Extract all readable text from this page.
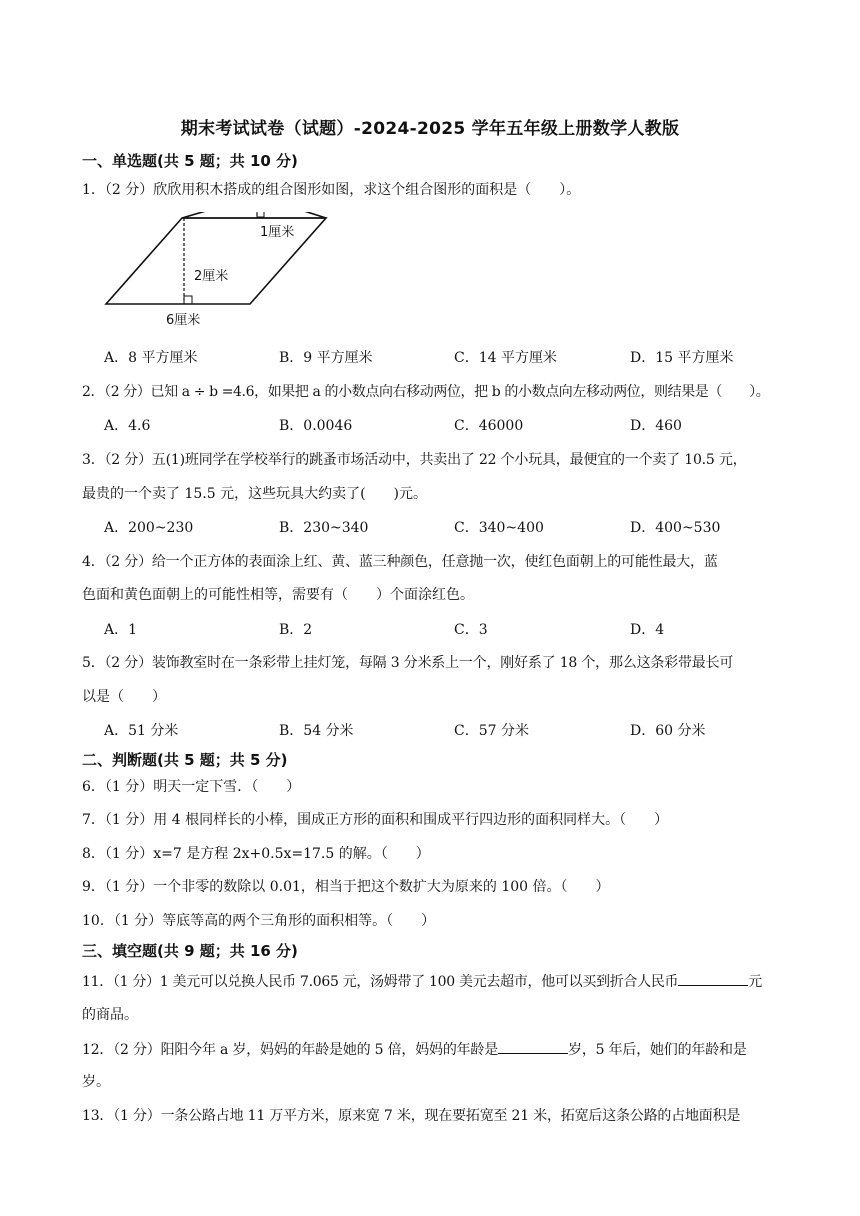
期末考试试卷（试题）-2024-2025 学年五年级上册数学人教版
一、单选题(共 5 题；共 10 分)
1．（2 分）欣欣用积木搭成的组合图形如图，求这个组合图形的面积是（　　）。
1厘米
2厘米
6厘米
A．8 平方厘米	B．9 平方厘米	C．14 平方厘米	D．15 平方厘米
2．（2 分）已知 a ÷ b =4.6，如果把 a 的小数点向右移动两位，把 b 的小数点向左移动两位，则结果是（　　）。
A．4.6	B．0.0046	C．46000	D．460
3．（2 分）五(1)班同学在学校举行的跳蚤市场活动中，共卖出了 22 个小玩具，最便宜的一个卖了 10.5 元，
最贵的一个卖了 15.5 元，这些玩具大约卖了(　　)元。
A．200~230	B．230~340	C．340~400	D．400~530
4．（2 分）给一个正方体的表面涂上红、黄、蓝三种颜色，任意抛一次，使红色面朝上的可能性最大，蓝
色面和黄色面朝上的可能性相等，需要有（　　）个面涂红色。
A．1	B．2	C．3	D．4
5．（2 分）装饰教室时在一条彩带上挂灯笼，每隔 3 分米系上一个，刚好系了 18 个，那么这条彩带最长可
以是（　　）
A．51 分米	B．54 分米	C．57 分米	D．60 分米
二、判断题(共 5 题；共 5 分)
6．（1 分）明天一定下雪．（　　）
7．（1 分）用 4 根同样长的小棒，围成正方形的面积和围成平行四边形的面积同样大。（　　）
8．（1 分）x=7 是方程 2x+0.5x=17.5 的解。（　　）
9．（1 分）一个非零的数除以 0.01，相当于把这个数扩大为原来的 100 倍。（　　）
10．（1 分）等底等高的两个三角形的面积相等。（　　）
三、填空题(共 9 题；共 16 分)
11．（1 分）1 美元可以兑换人民币 7.065 元，汤姆带了 100 美元去超市，他可以买到折合人民币	元
的商品。
12．（2 分）阳阳今年 a 岁，妈妈的年龄是她的 5 倍，妈妈的年龄是	岁，5 年后，她们的年龄和是
岁。
13．（1 分）一条公路占地 11 万平方米，原来宽 7 米，现在要拓宽至 21 米，拓宽后这条公路的占地面积是
